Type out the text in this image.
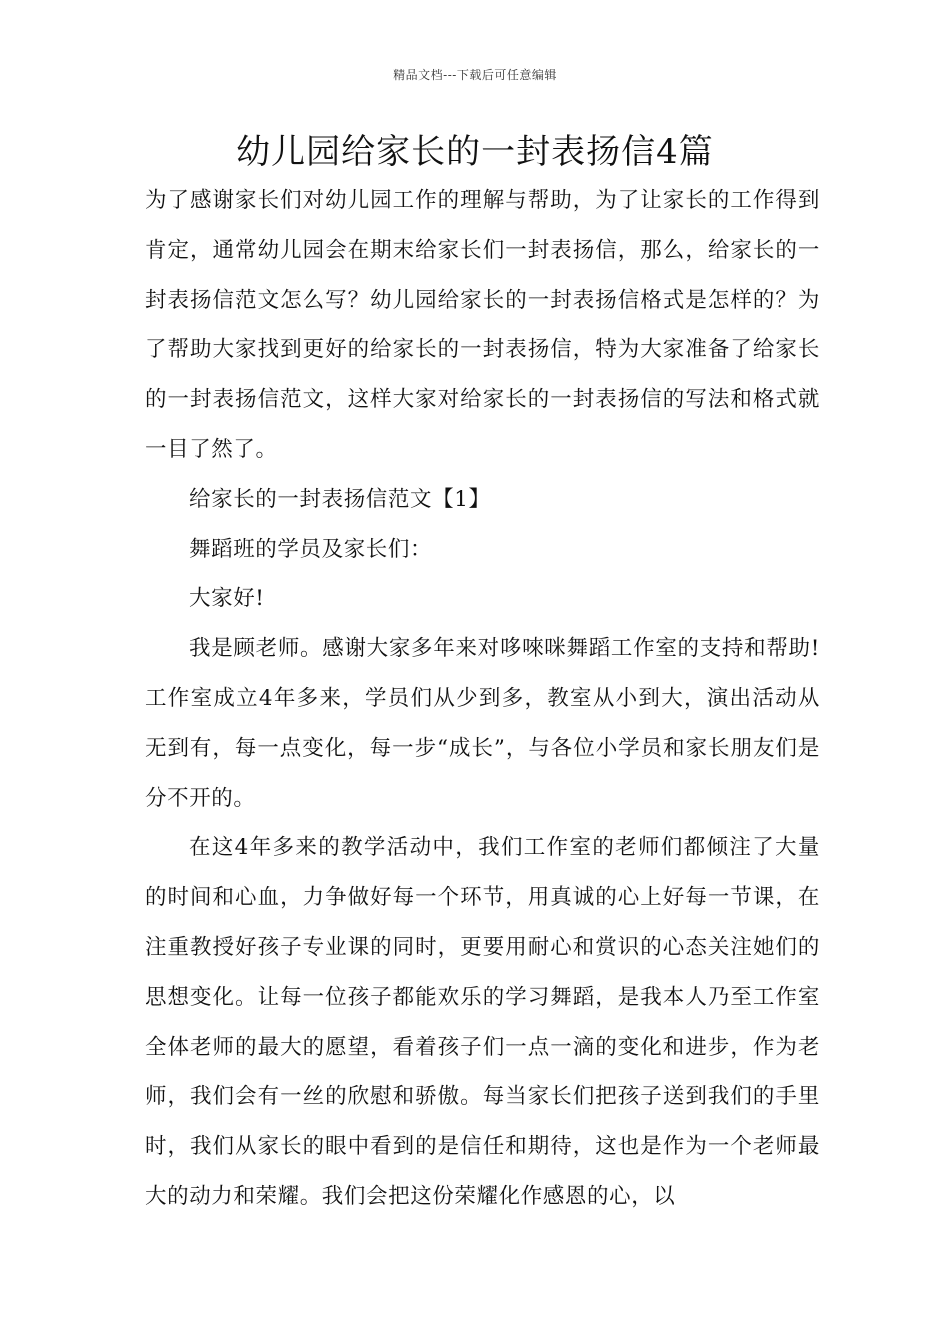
精品文档---下载后可任意编辑
幼儿园给家长的一封表扬信4篇

为了感谢家长们对幼儿园工作的理解与帮助，为了让家长的工作得到肯定，通常幼儿园会在期末给家长们一封表扬信，那么，给家长的一封表扬信范文怎么写？幼儿园给家长的一封表扬信格式是怎样的？为了帮助大家找到更好的给家长的一封表扬信，特为大家准备了给家长的一封表扬信范文，这样大家对给家长的一封表扬信的写法和格式就一目了然了。

给家长的一封表扬信范文【1】

舞蹈班的学员及家长们：

大家好!

我是顾老师。感谢大家多年来对哆唻咪舞蹈工作室的支持和帮助!工作室成立4年多来，学员们从少到多，教室从小到大，演出活动从无到有，每一点变化，每一步“成长”，与各位小学员和家长朋友们是分不开的。

在这4年多来的教学活动中，我们工作室的老师们都倾注了大量的时间和心血，力争做好每一个环节，用真诚的心上好每一节课，在注重教授好孩子专业课的同时，更要用耐心和赏识的心态关注她们的思想变化。让每一位孩子都能欢乐的学习舞蹈，是我本人乃至工作室全体老师的最大的愿望，看着孩子们一点一滴的变化和进步，作为老师，我们会有一丝的欣慰和骄傲。每当家长们把孩子送到我们的手里时，我们从家长的眼中看到的是信任和期待，这也是作为一个老师最大的动力和荣耀。我们会把这份荣耀化作感恩的心，以
